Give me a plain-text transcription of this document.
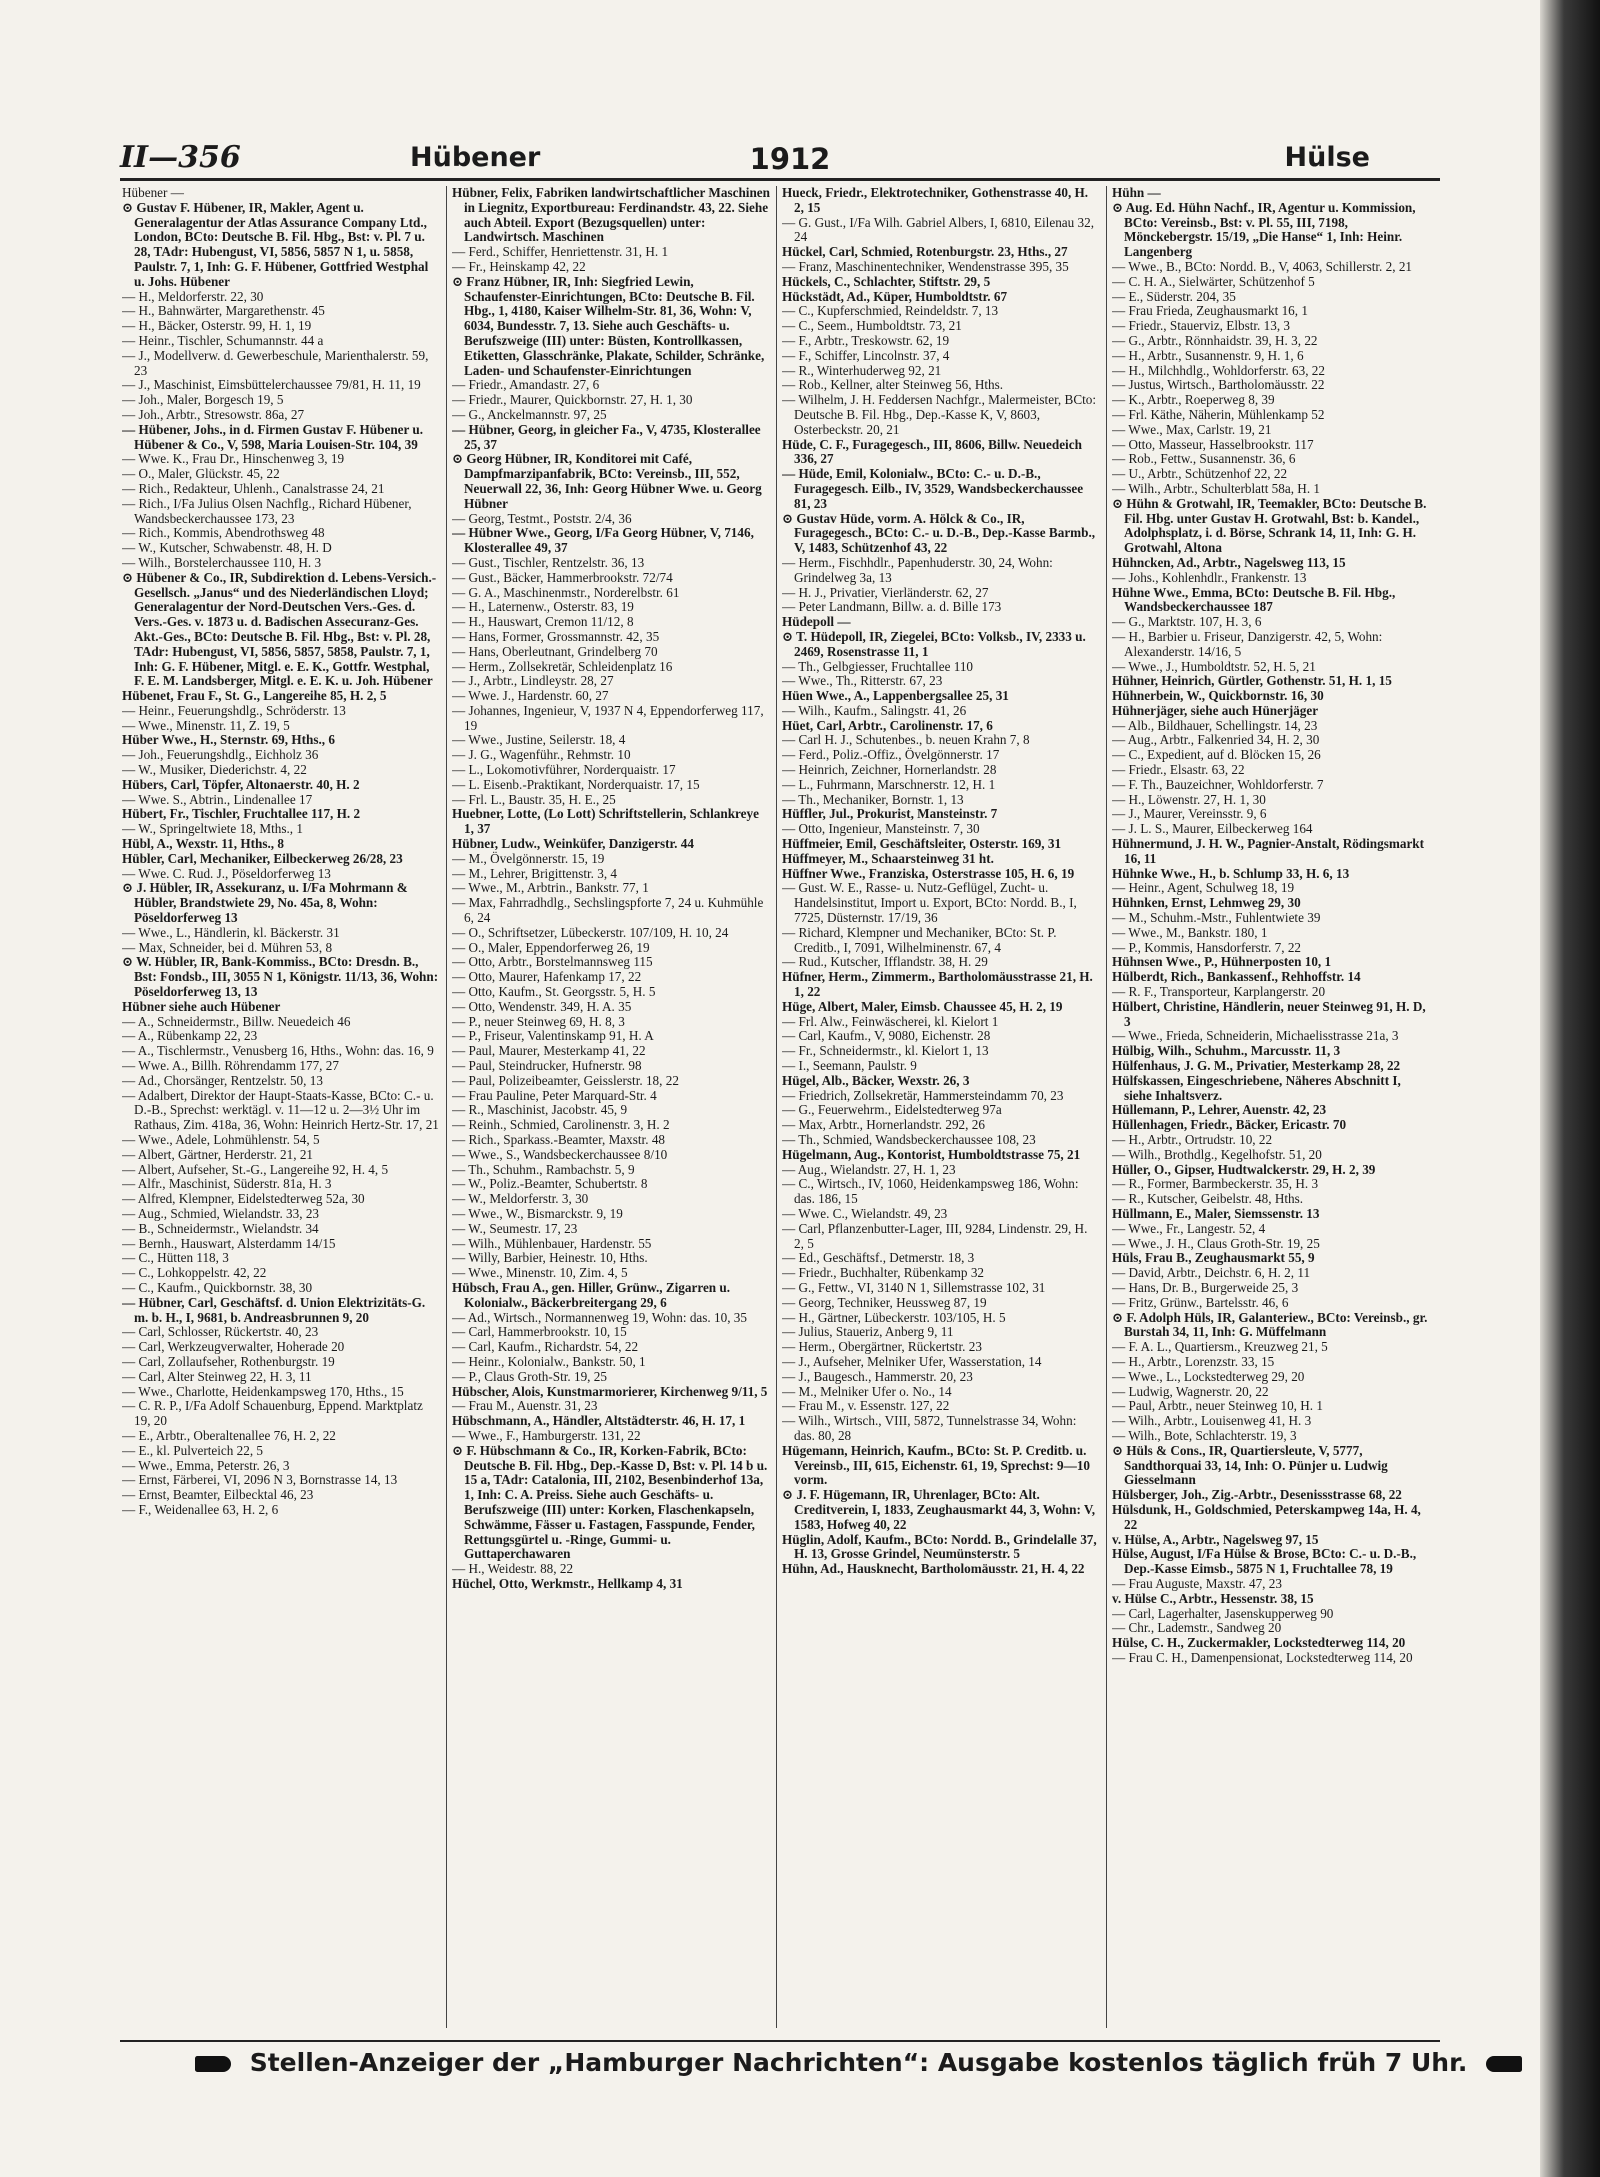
II—356	Hübener	1912	Hülse

Hübener —

⊙ Gustav F. Hübener, IR, Makler, Agent u. Generalagentur der Atlas Assurance Company Ltd., London, BCto: Deutsche B. Fil. Hbg., Bst: v. Pl. 7 u. 28, TAdr: Hubengust, VI, 5856, 5857 N 1, u. 5858, Paulstr. 7, 1, Inh: G. F. Hübener, Gottfried Westphal u. Johs. Hübener

— H., Meldorferstr. 22, 30

— H., Bahnwärter, Margarethenstr. 45

— H., Bäcker, Osterstr. 99, H. 1, 19

— Heinr., Tischler, Schumannstr. 44 a

— J., Modellverw. d. Gewerbeschule, Marienthalerstr. 59, 23

— J., Maschinist, Eimsbüttelerchaussee 79/81, H. 11, 19

— Joh., Maler, Borgesch 19, 5

— Joh., Arbtr., Stresowstr. 86a, 27

— Hübener, Johs., in d. Firmen Gustav F. Hübener u. Hübener & Co., V, 598, Maria Louisen-Str. 104, 39

— Wwe. K., Frau Dr., Hinschenweg 3, 19

— O., Maler, Glückstr. 45, 22

— Rich., Redakteur, Uhlenh., Canalstrasse 24, 21

— Rich., I/Fa Julius Olsen Nachflg., Richard Hübener, Wandsbeckerchaussee 173, 23

— Rich., Kommis, Abendrothsweg 48

— W., Kutscher, Schwabenstr. 48, H. D

— Wilh., Borstelerchaussee 110, H. 3

⊙ Hübener & Co., IR, Subdirektion d. Lebens-Versich.-Gesellsch. „Janus“ und des Niederländischen Lloyd; Generalagentur der Nord-Deutschen Vers.-Ges. d. Vers.-Ges. v. 1873 u. d. Badischen Assecuranz-Ges. Akt.-Ges., BCto: Deutsche B. Fil. Hbg., Bst: v. Pl. 28, TAdr: Hubengust, VI, 5856, 5857, 5858, Paulstr. 7, 1, Inh: G. F. Hübener, Mitgl. e. E. K., Gottfr. Westphal, F. E. M. Landsberger, Mitgl. e. E. K. u. Joh. Hübener

Hübenet, Frau F., St. G., Langereihe 85, H. 2, 5

— Heinr., Feuerungshdlg., Schröderstr. 13

— Wwe., Minenstr. 11, Z. 19, 5

Hüber Wwe., H., Sternstr. 69, Hths., 6

— Joh., Feuerungshdlg., Eichholz 36

— W., Musiker, Diederichstr. 4, 22

Hübers, Carl, Töpfer, Altonaerstr. 40, H. 2

— Wwe. S., Abtrin., Lindenallee 17

Hübert, Fr., Tischler, Fruchtallee 117, H. 2

— W., Springeltwiete 18, Mths., 1

Hübl, A., Wexstr. 11, Hths., 8

Hübler, Carl, Mechaniker, Eilbeckerweg 26/28, 23

— Wwe. C. Rud. J., Pöseldorferweg 13

⊙ J. Hübler, IR, Assekuranz, u. I/Fa Mohrmann & Hübler, Brandstwiete 29, No. 45a, 8, Wohn: Pöseldorferweg 13

— Wwe., L., Händlerin, kl. Bäckerstr. 31

— Max, Schneider, bei d. Mühren 53, 8

⊙ W. Hübler, IR, Bank-Kommiss., BCto: Dresdn. B., Bst: Fondsb., III, 3055 N 1, Königstr. 11/13, 36, Wohn: Pöseldorferweg 13, 13

Hübner siehe auch Hübener

— A., Schneidermstr., Billw. Neuedeich 46

— A., Rübenkamp 22, 23

— A., Tischlermstr., Venusberg 16, Hths., Wohn: das. 16, 9

— Wwe. A., Billh. Röhrendamm 177, 27

— Ad., Chorsänger, Rentzelstr. 50, 13

— Adalbert, Direktor der Haupt-Staats-Kasse, BCto: C.- u. D.-B., Sprechst: werktägl. v. 11—12 u. 2—3½ Uhr im Rathaus, Zim. 418a, 36, Wohn: Heinrich Hertz-Str. 17, 21

— Wwe., Adele, Lohmühlenstr. 54, 5

— Albert, Gärtner, Herderstr. 21, 21

— Albert, Aufseher, St.-G., Langereihe 92, H. 4, 5

— Alfr., Maschinist, Süderstr. 81a, H. 3

— Alfred, Klempner, Eidelstedterweg 52a, 30

— Aug., Schmied, Wielandstr. 33, 23

— B., Schneidermstr., Wielandstr. 34

— Bernh., Hauswart, Alsterdamm 14/15

— C., Hütten 118, 3

— C., Lohkoppelstr. 42, 22

— C., Kaufm., Quickbornstr. 38, 30

— Hübner, Carl, Geschäftsf. d. Union Elektrizitäts-G. m. b. H., I, 9681, b. Andreasbrunnen 9, 20

— Carl, Schlosser, Rückertstr. 40, 23

— Carl, Werkzeugverwalter, Hoherade 20

— Carl, Zollaufseher, Rothenburgstr. 19

— Carl, Alter Steinweg 22, H. 3, 11

— Wwe., Charlotte, Heidenkampsweg 170, Hths., 15

— C. R. P., I/Fa Adolf Schauenburg, Eppend. Marktplatz 19, 20

— E., Arbtr., Oberaltenallee 76, H. 2, 22

— E., kl. Pulverteich 22, 5

— Wwe., Emma, Peterstr. 26, 3

— Ernst, Färberei, VI, 2096 N 3, Bornstrasse 14, 13

— Ernst, Beamter, Eilbecktal 46, 23

— F., Weidenallee 63, H. 2, 6

Hübner, Felix, Fabriken landwirtschaftlicher Maschinen in Liegnitz, Exportbureau: Ferdinandstr. 43, 22. Siehe auch Abteil. Export (Bezugsquellen) unter: Landwirtsch. Maschinen

— Ferd., Schiffer, Henriettenstr. 31, H. 1

— Fr., Heinskamp 42, 22

⊙ Franz Hübner, IR, Inh: Siegfried Lewin, Schaufenster-Einrichtungen, BCto: Deutsche B. Fil. Hbg., 1, 4180, Kaiser Wilhelm-Str. 81, 36, Wohn: V, 6034, Bundesstr. 7, 13. Siehe auch Geschäfts- u. Berufszweige (III) unter: Büsten, Kontrollkassen, Etiketten, Glasschränke, Plakate, Schilder, Schränke, Laden- und Schaufenster-Einrichtungen

— Friedr., Amandastr. 27, 6

— Friedr., Maurer, Quickbornstr. 27, H. 1, 30

— G., Anckelmannstr. 97, 25

— Hübner, Georg, in gleicher Fa., V, 4735, Klosterallee 25, 37

⊙ Georg Hübner, IR, Konditorei mit Café, Dampfmarzipanfabrik, BCto: Vereinsb., III, 552, Neuerwall 22, 36, Inh: Georg Hübner Wwe. u. Georg Hübner

— Georg, Testmt., Poststr. 2/4, 36

— Hübner Wwe., Georg, I/Fa Georg Hübner, V, 7146, Klosterallee 49, 37

— Gust., Tischler, Rentzelstr. 36, 13

— Gust., Bäcker, Hammerbrookstr. 72/74

— G. A., Maschinenmstr., Norderelbstr. 61

— H., Laternenw., Osterstr. 83, 19

— H., Hauswart, Cremon 11/12, 8

— Hans, Former, Grossmannstr. 42, 35

— Hans, Oberleutnant, Grindelberg 70

— Herm., Zollsekretär, Schleidenplatz 16

— J., Arbtr., Lindleystr. 28, 27

— Wwe. J., Hardenstr. 60, 27

— Johannes, Ingenieur, V, 1937 N 4, Eppendorferweg 117, 19

— Wwe., Justine, Seilerstr. 18, 4

— J. G., Wagenführ., Rehmstr. 10

— L., Lokomotivführer, Norderquaistr. 17

— L. Eisenb.-Praktikant, Norderquaistr. 17, 15

— Frl. L., Baustr. 35, H. E., 25

Huebner, Lotte, (Lo Lott) Schriftstellerin, Schlankreye 1, 37

Hübner, Ludw., Weinküfer, Danzigerstr. 44

— M., Övelgönnerstr. 15, 19

— M., Lehrer, Brigittenstr. 3, 4

— Wwe., M., Arbtrin., Bankstr. 77, 1

— Max, Fahrradhdlg., Sechslingspforte 7, 24 u. Kuhmühle 6, 24

— O., Schriftsetzer, Lübeckerstr. 107/109, H. 10, 24

— O., Maler, Eppendorferweg 26, 19

— Otto, Arbtr., Borstelmannsweg 115

— Otto, Maurer, Hafenkamp 17, 22

— Otto, Kaufm., St. Georgsstr. 5, H. 5

— Otto, Wendenstr. 349, H. A. 35

— P., neuer Steinweg 69, H. 8, 3

— P., Friseur, Valentinskamp 91, H. A

— Paul, Maurer, Mesterkamp 41, 22

— Paul, Steindrucker, Hufnerstr. 98

— Paul, Polizeibeamter, Geisslerstr. 18, 22

— Frau Pauline, Peter Marquard-Str. 4

— R., Maschinist, Jacobstr. 45, 9

— Reinh., Schmied, Carolinenstr. 3, H. 2

— Rich., Sparkass.-Beamter, Maxstr. 48

— Wwe., S., Wandsbeckerchaussee 8/10

— Th., Schuhm., Rambachstr. 5, 9

— W., Poliz.-Beamter, Schubertstr. 8

— W., Meldorferstr. 3, 30

— Wwe., W., Bismarckstr. 9, 19

— W., Seumestr. 17, 23

— Wilh., Mühlenbauer, Hardenstr. 55

— Willy, Barbier, Heinestr. 10, Hths.

— Wwe., Minenstr. 10, Zim. 4, 5

Hübsch, Frau A., gen. Hiller, Grünw., Zigarren u. Kolonialw., Bäckerbreitergang 29, 6

— Ad., Wirtsch., Normannenweg 19, Wohn: das. 10, 35

— Carl, Hammerbrookstr. 10, 15

— Carl, Kaufm., Richardstr. 54, 22

— Heinr., Kolonialw., Bankstr. 50, 1

— P., Claus Groth-Str. 19, 25

Hübscher, Alois, Kunstmarmorierer, Kirchenweg 9/11, 5

— Frau M., Auenstr. 31, 23

Hübschmann, A., Händler, Altstädterstr. 46, H. 17, 1

— Wwe., F., Hamburgerstr. 131, 22

⊙ F. Hübschmann & Co., IR, Korken-Fabrik, BCto: Deutsche B. Fil. Hbg., Dep.-Kasse D, Bst: v. Pl. 14 b u. 15 a, TAdr: Catalonia, III, 2102, Besenbinderhof 13a, 1, Inh: C. A. Preiss. Siehe auch Geschäfts- u. Berufszweige (III) unter: Korken, Flaschenkapseln, Schwämme, Fässer u. Fastagen, Fasspunde, Fender, Rettungsgürtel u. -Ringe, Gummi- u. Guttaperchawaren

— H., Weidestr. 88, 22

Hüchel, Otto, Werkmstr., Hellkamp 4, 31

Hueck, Friedr., Elektrotechniker, Gothenstrasse 40, H. 2, 15

— G. Gust., I/Fa Wilh. Gabriel Albers, I, 6810, Eilenau 32, 24

Hückel, Carl, Schmied, Rotenburgstr. 23, Hths., 27

— Franz, Maschinentechniker, Wendenstrasse 395, 35

Hückels, C., Schlachter, Stiftstr. 29, 5

Hückstädt, Ad., Küper, Humboldtstr. 67

— C., Kupferschmied, Reindeldstr. 7, 13

— C., Seem., Humboldtstr. 73, 21

— F., Arbtr., Treskowstr. 62, 19

— F., Schiffer, Lincolnstr. 37, 4

— R., Winterhuderweg 92, 21

— Rob., Kellner, alter Steinweg 56, Hths.

— Wilhelm, J. H. Feddersen Nachfgr., Malermeister, BCto: Deutsche B. Fil. Hbg., Dep.-Kasse K, V, 8603, Osterbeckstr. 20, 21

Hüde, C. F., Furagegesch., III, 8606, Billw. Neuedeich 336, 27

— Hüde, Emil, Kolonialw., BCto: C.- u. D.-B., Furagegesch. Eilb., IV, 3529, Wandsbeckerchaussee 81, 23

⊙ Gustav Hüde, vorm. A. Hölck & Co., IR, Furagegesch., BCto: C.- u. D.-B., Dep.-Kasse Barmb., V, 1483, Schützenhof 43, 22

— Herm., Fischhdlr., Papenhuderstr. 30, 24, Wohn: Grindelweg 3a, 13

— H. J., Privatier, Vierländerstr. 62, 27

— Peter Landmann, Billw. a. d. Bille 173

Hüdepoll —

⊙ T. Hüdepoll, IR, Ziegelei, BCto: Volksb., IV, 2333 u. 2469, Rosenstrasse 11, 1

— Th., Gelbgiesser, Fruchtallee 110

— Wwe., Th., Ritterstr. 67, 23

Hüen Wwe., A., Lappenbergsallee 25, 31

— Wilh., Kaufm., Salingstr. 41, 26

Hüet, Carl, Arbtr., Carolinenstr. 17, 6

— Carl H. J., Schutenbes., b. neuen Krahn 7, 8

— Ferd., Poliz.-Offiz., Övelgönnerstr. 17

— Heinrich, Zeichner, Hornerlandstr. 28

— L., Fuhrmann, Marschnerstr. 12, H. 1

— Th., Mechaniker, Bornstr. 1, 13

Hüffler, Jul., Prokurist, Mansteinstr. 7

— Otto, Ingenieur, Mansteinstr. 7, 30

Hüffmeier, Emil, Geschäftsleiter, Osterstr. 169, 31

Hüffmeyer, M., Schaarsteinweg 31 ht.

Hüffner Wwe., Franziska, Osterstrasse 105, H. 6, 19

— Gust. W. E., Rasse- u. Nutz-Geflügel, Zucht- u. Handelsinstitut, Import u. Export, BCto: Nordd. B., I, 7725, Düsternstr. 17/19, 36

— Richard, Klempner und Mechaniker, BCto: St. P. Creditb., I, 7091, Wilhelminenstr. 67, 4

— Rud., Kutscher, Ifflandstr. 38, H. 29

Hüfner, Herm., Zimmerm., Bartholomäusstrasse 21, H. 1, 22

Hüge, Albert, Maler, Eimsb. Chaussee 45, H. 2, 19

— Frl. Alw., Feinwäscherei, kl. Kielort 1

— Carl, Kaufm., V, 9080, Eichenstr. 28

— Fr., Schneidermstr., kl. Kielort 1, 13

— I., Seemann, Paulstr. 9

Hügel, Alb., Bäcker, Wexstr. 26, 3

— Friedrich, Zollsekretär, Hammersteindamm 70, 23

— G., Feuerwehrm., Eidelstedterweg 97a

— Max, Arbtr., Hornerlandstr. 292, 26

— Th., Schmied, Wandsbeckerchaussee 108, 23

Hügelmann, Aug., Kontorist, Humboldtstrasse 75, 21

— Aug., Wielandstr. 27, H. 1, 23

— C., Wirtsch., IV, 1060, Heidenkampsweg 186, Wohn: das. 186, 15

— Wwe. C., Wielandstr. 49, 23

— Carl, Pflanzenbutter-Lager, III, 9284, Lindenstr. 29, H. 2, 5

— Ed., Geschäftsf., Detmerstr. 18, 3

— Friedr., Buchhalter, Rübenkamp 32

— G., Fettw., VI, 3140 N 1, Sillemstrasse 102, 31

— Georg, Techniker, Heussweg 87, 19

— H., Gärtner, Lübeckerstr. 103/105, H. 5

— Julius, Staueriz, Anberg 9, 11

— Herm., Obergärtner, Rückertstr. 23

— J., Aufseher, Melniker Ufer, Wasserstation, 14

— J., Baugesch., Hammerstr. 20, 23

— M., Melniker Ufer o. No., 14

— Frau M., v. Essenstr. 127, 22

— Wilh., Wirtsch., VIII, 5872, Tunnelstrasse 34, Wohn: das. 80, 28

Hügemann, Heinrich, Kaufm., BCto: St. P. Creditb. u. Vereinsb., III, 615, Eichenstr. 61, 19, Sprechst: 9—10 vorm.

⊙ J. F. Hügemann, IR, Uhrenlager, BCto: Alt. Creditverein, I, 1833, Zeughausmarkt 44, 3, Wohn: V, 1583, Hofweg 40, 22

Hüglin, Adolf, Kaufm., BCto: Nordd. B., Grindelalle 37, H. 13, Grosse Grindel, Neumünsterstr. 5

Hühn, Ad., Hausknecht, Bartholomäusstr. 21, H. 4, 22

Hühn —

⊙ Aug. Ed. Hühn Nachf., IR, Agentur u. Kommission, BCto: Vereinsb., Bst: v. Pl. 55, III, 7198, Mönckebergstr. 15/19, „Die Hanse“ 1, Inh: Heinr. Langenberg

— Wwe., B., BCto: Nordd. B., V, 4063, Schillerstr. 2, 21

— C. H. A., Sielwärter, Schützenhof 5

— E., Süderstr. 204, 35

— Frau Frieda, Zeughausmarkt 16, 1

— Friedr., Stauerviz, Elbstr. 13, 3

— G., Arbtr., Rönnhaidstr. 39, H. 3, 22

— H., Arbtr., Susannenstr. 9, H. 1, 6

— H., Milchhdlg., Wohldorferstr. 63, 22

— Justus, Wirtsch., Bartholomäusstr. 22

— K., Arbtr., Roeperweg 8, 39

— Frl. Käthe, Näherin, Mühlenkamp 52

— Wwe., Max, Carlstr. 19, 21

— Otto, Masseur, Hasselbrookstr. 117

— Rob., Fettw., Susannenstr. 36, 6

— U., Arbtr., Schützenhof 22, 22

— Wilh., Arbtr., Schulterblatt 58a, H. 1

⊙ Hühn & Grotwahl, IR, Teemakler, BCto: Deutsche B. Fil. Hbg. unter Gustav H. Grotwahl, Bst: b. Kandel., Adolphsplatz, i. d. Börse, Schrank 14, 11, Inh: G. H. Grotwahl, Altona

Hühncken, Ad., Arbtr., Nagelsweg 113, 15

— Johs., Kohlenhdlr., Frankenstr. 13

Hühne Wwe., Emma, BCto: Deutsche B. Fil. Hbg., Wandsbeckerchaussee 187

— G., Marktstr. 107, H. 3, 6

— H., Barbier u. Friseur, Danzigerstr. 42, 5, Wohn: Alexanderstr. 14/16, 5

— Wwe., J., Humboldtstr. 52, H. 5, 21

Hühner, Heinrich, Gürtler, Gothenstr. 51, H. 1, 15

Hühnerbein, W., Quickbornstr. 16, 30

Hühnerjäger, siehe auch Hünerjäger

— Alb., Bildhauer, Schellingstr. 14, 23

— Aug., Arbtr., Falkenried 34, H. 2, 30

— C., Expedient, auf d. Blöcken 15, 26

— Friedr., Elsastr. 63, 22

— F. Th., Bauzeichner, Wohldorferstr. 7

— H., Löwenstr. 27, H. 1, 30

— J., Maurer, Vereinsstr. 9, 6

— J. L. S., Maurer, Eilbeckerweg 164

Hühnermund, J. H. W., Pagnier-Anstalt, Rödingsmarkt 16, 11

Hühnke Wwe., H., b. Schlump 33, H. 6, 13

— Heinr., Agent, Schulweg 18, 19

Hühnken, Ernst, Lehmweg 29, 30

— M., Schuhm.-Mstr., Fuhlentwiete 39

— Wwe., M., Bankstr. 180, 1

— P., Kommis, Hansdorferstr. 7, 22

Hühnsen Wwe., P., Hühnerposten 10, 1

Hülberdt, Rich., Bankassenf., Rehhoffstr. 14

— R. F., Transporteur, Karplangerstr. 20

Hülbert, Christine, Händlerin, neuer Steinweg 91, H. D, 3

— Wwe., Frieda, Schneiderin, Michaelisstrasse 21a, 3

Hülbig, Wilh., Schuhm., Marcusstr. 11, 3

Hülfenhaus, J. G. M., Privatier, Mesterkamp 28, 22

Hülfskassen, Eingeschriebene, Näheres Abschnitt I, siehe Inhaltsverz.

Hüllemann, P., Lehrer, Auenstr. 42, 23

Hüllenhagen, Friedr., Bäcker, Ericastr. 70

— H., Arbtr., Ortrudstr. 10, 22

— Wilh., Brothdlg., Kegelhofstr. 51, 20

Hüller, O., Gipser, Hudtwalckerstr. 29, H. 2, 39

— R., Former, Barmbeckerstr. 35, H. 3

— R., Kutscher, Geibelstr. 48, Hths.

Hüllmann, E., Maler, Siemssenstr. 13

— Wwe., Fr., Langestr. 52, 4

— Wwe., J. H., Claus Groth-Str. 19, 25

Hüls, Frau B., Zeughausmarkt 55, 9

— David, Arbtr., Deichstr. 6, H. 2, 11

— Hans, Dr. B., Burgerweide 25, 3

— Fritz, Grünw., Bartelsstr. 46, 6

⊙ F. Adolph Hüls, IR, Galanteriew., BCto: Vereinsb., gr. Burstah 34, 11, Inh: G. Müffelmann

— F. A. L., Quartiersm., Kreuzweg 21, 5

— H., Arbtr., Lorenzstr. 33, 15

— Wwe., L., Lockstedterweg 29, 20

— Ludwig, Wagnerstr. 20, 22

— Paul, Arbtr., neuer Steinweg 10, H. 1

— Wilh., Arbtr., Louisenweg 41, H. 3

— Wilh., Bote, Schlachterstr. 19, 3

⊙ Hüls & Cons., IR, Quartiersleute, V, 5777, Sandthorquai 33, 14, Inh: O. Pünjer u. Ludwig Giesselmann

Hülsberger, Joh., Zig.-Arbtr., Desenissstrasse 68, 22

Hülsdunk, H., Goldschmied, Peterskampweg 14a, H. 4, 22

v. Hülse, A., Arbtr., Nagelsweg 97, 15

Hülse, August, I/Fa Hülse & Brose, BCto: C.- u. D.-B., Dep.-Kasse Eimsb., 5875 N 1, Fruchtallee 78, 19

— Frau Auguste, Maxstr. 47, 23

v. Hülse C., Arbtr., Hessenstr. 38, 15

— Carl, Lagerhalter, Jasenskupperweg 90

— Chr., Lademstr., Sandweg 20

Hülse, C. H., Zuckermakler, Lockstedterweg 114, 20

— Frau C. H., Damenpensionat, Lockstedterweg 114, 20

Stellen-Anzeiger der „Hamburger Nachrichten“: Ausgabe kostenlos täglich früh 7 Uhr.
